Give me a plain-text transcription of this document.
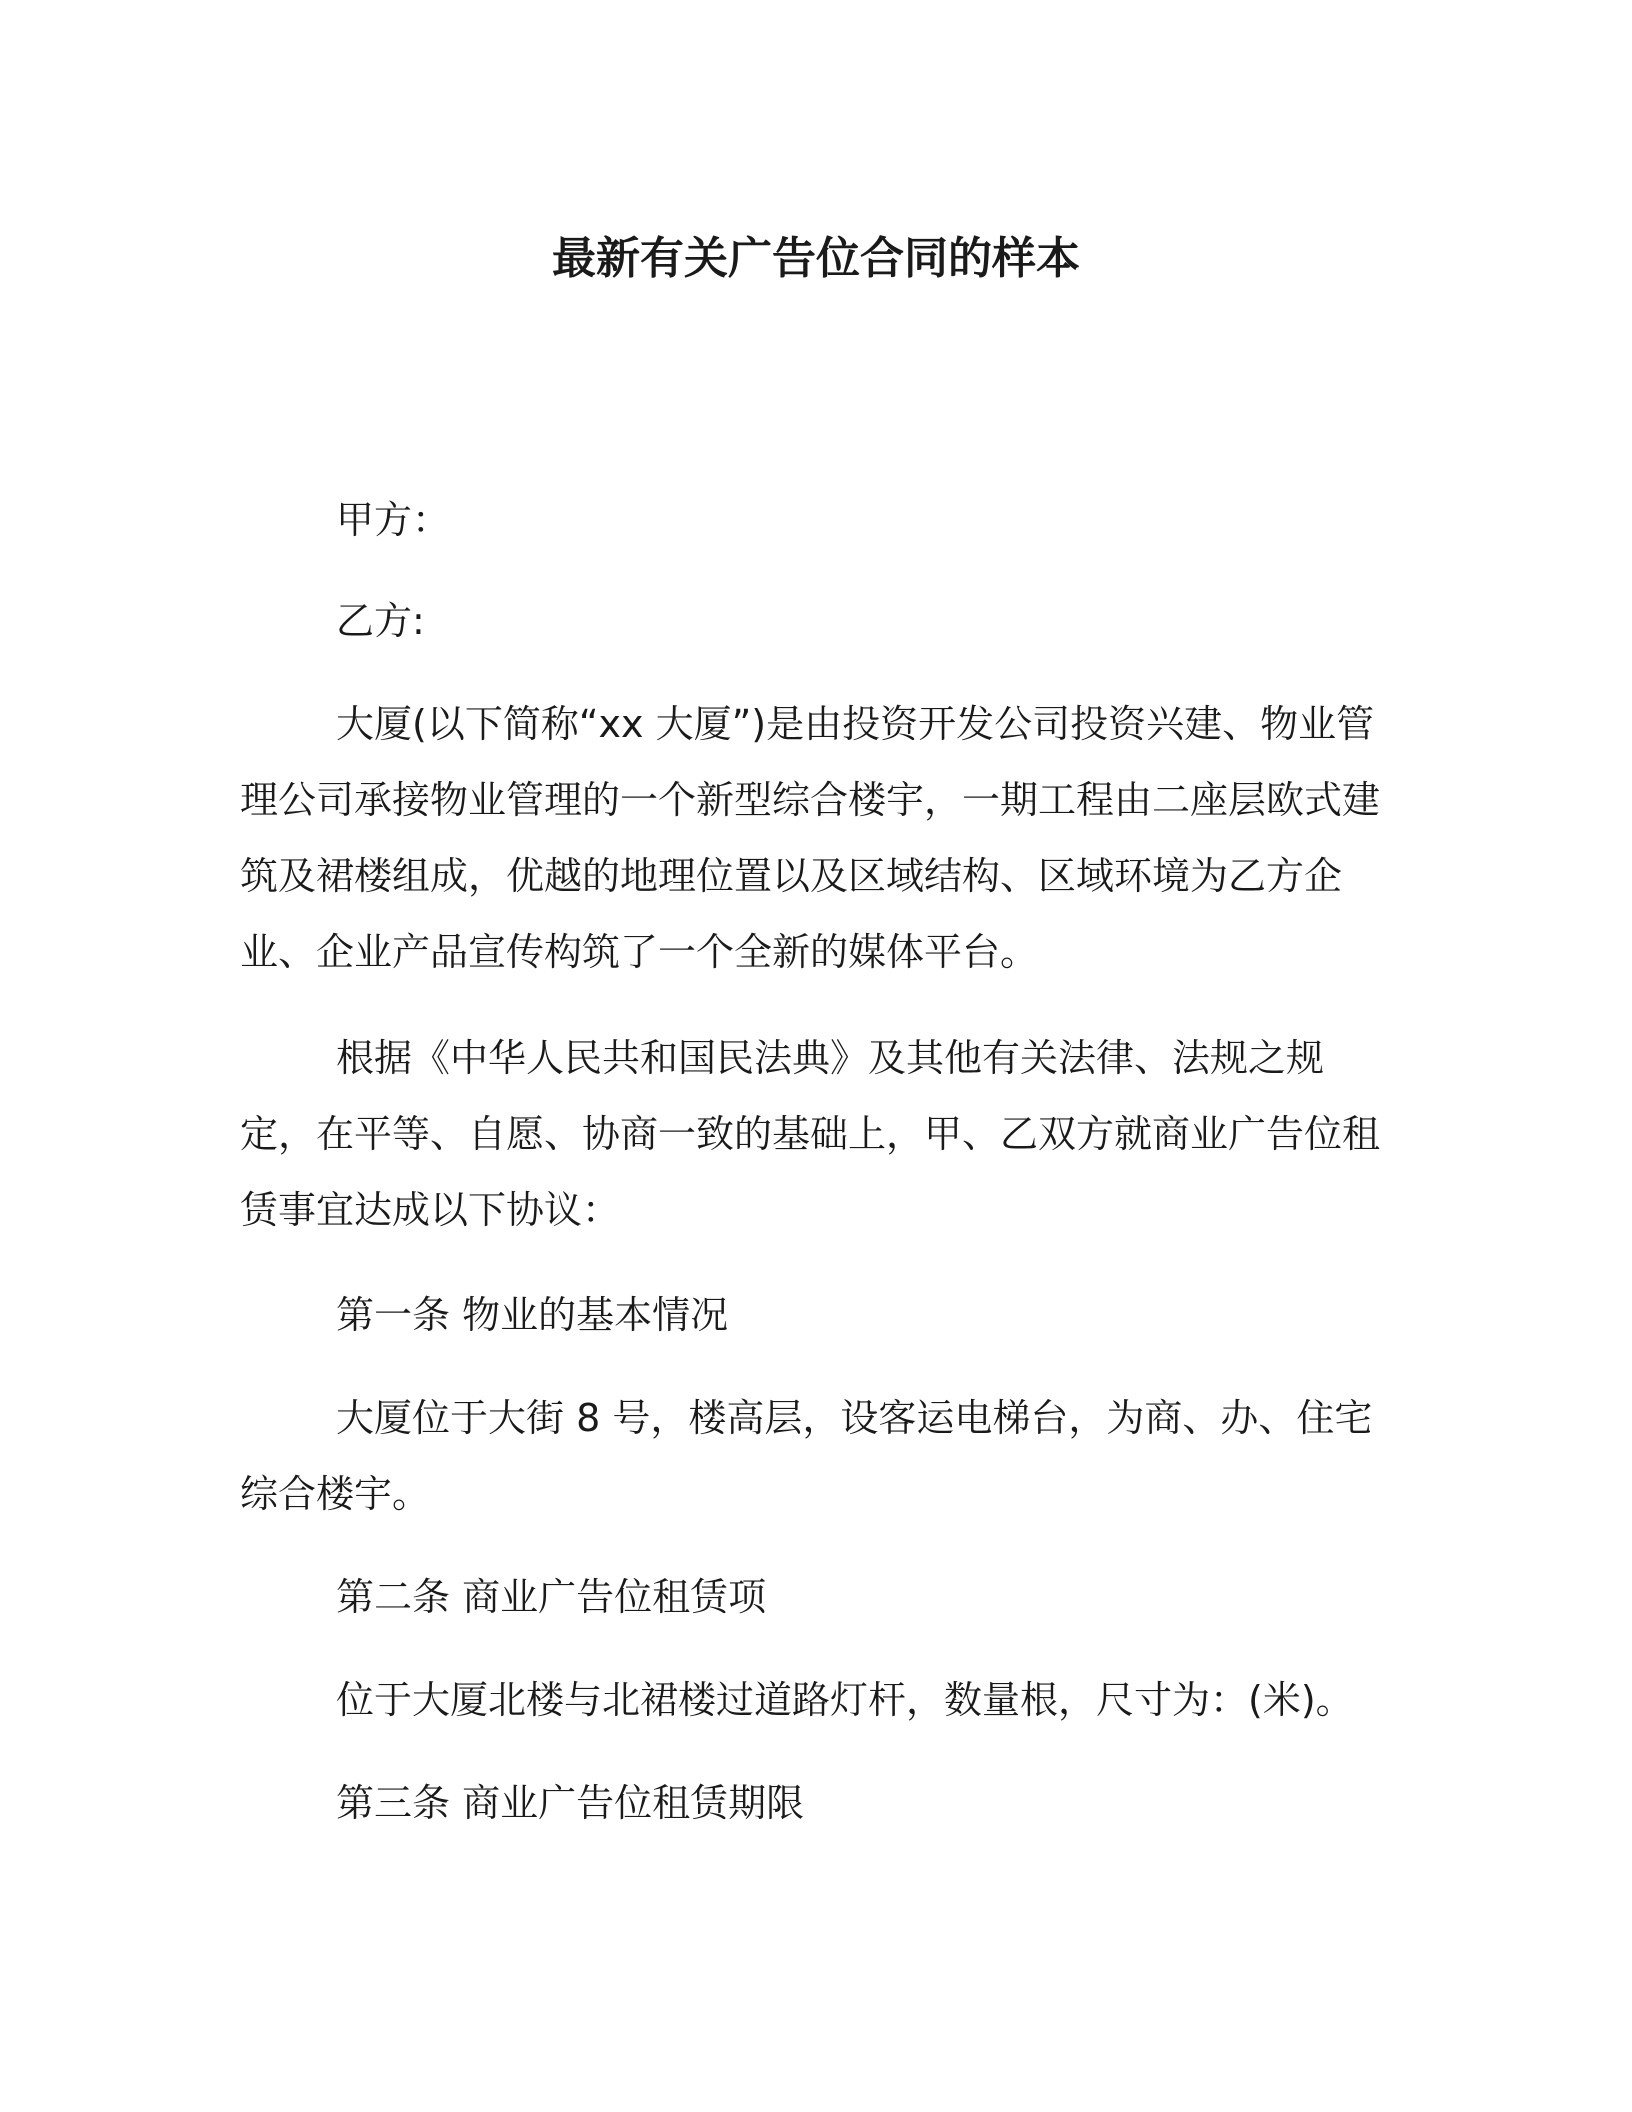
最新有关广告位合同的样本

甲方：

乙方:

大厦(以下简称“xx 大厦”)是由投资开发公司投资兴建、物业管理公司承接物业管理的一个新型综合楼宇，一期工程由二座层欧式建筑及裙楼组成，优越的地理位置以及区域结构、区域环境为乙方企业、企业产品宣传构筑了一个全新的媒体平台。

根据《中华人民共和国民法典》及其他有关法律、法规之规定，在平等、自愿、协商一致的基础上，甲、乙双方就商业广告位租赁事宜达成以下协议：

第一条 物业的基本情况

大厦位于大街 8 号，楼高层，设客运电梯台，为商、办、住宅综合楼宇。

第二条 商业广告位租赁项

位于大厦北楼与北裙楼过道路灯杆，数量根，尺寸为：(米)。

第三条 商业广告位租赁期限
